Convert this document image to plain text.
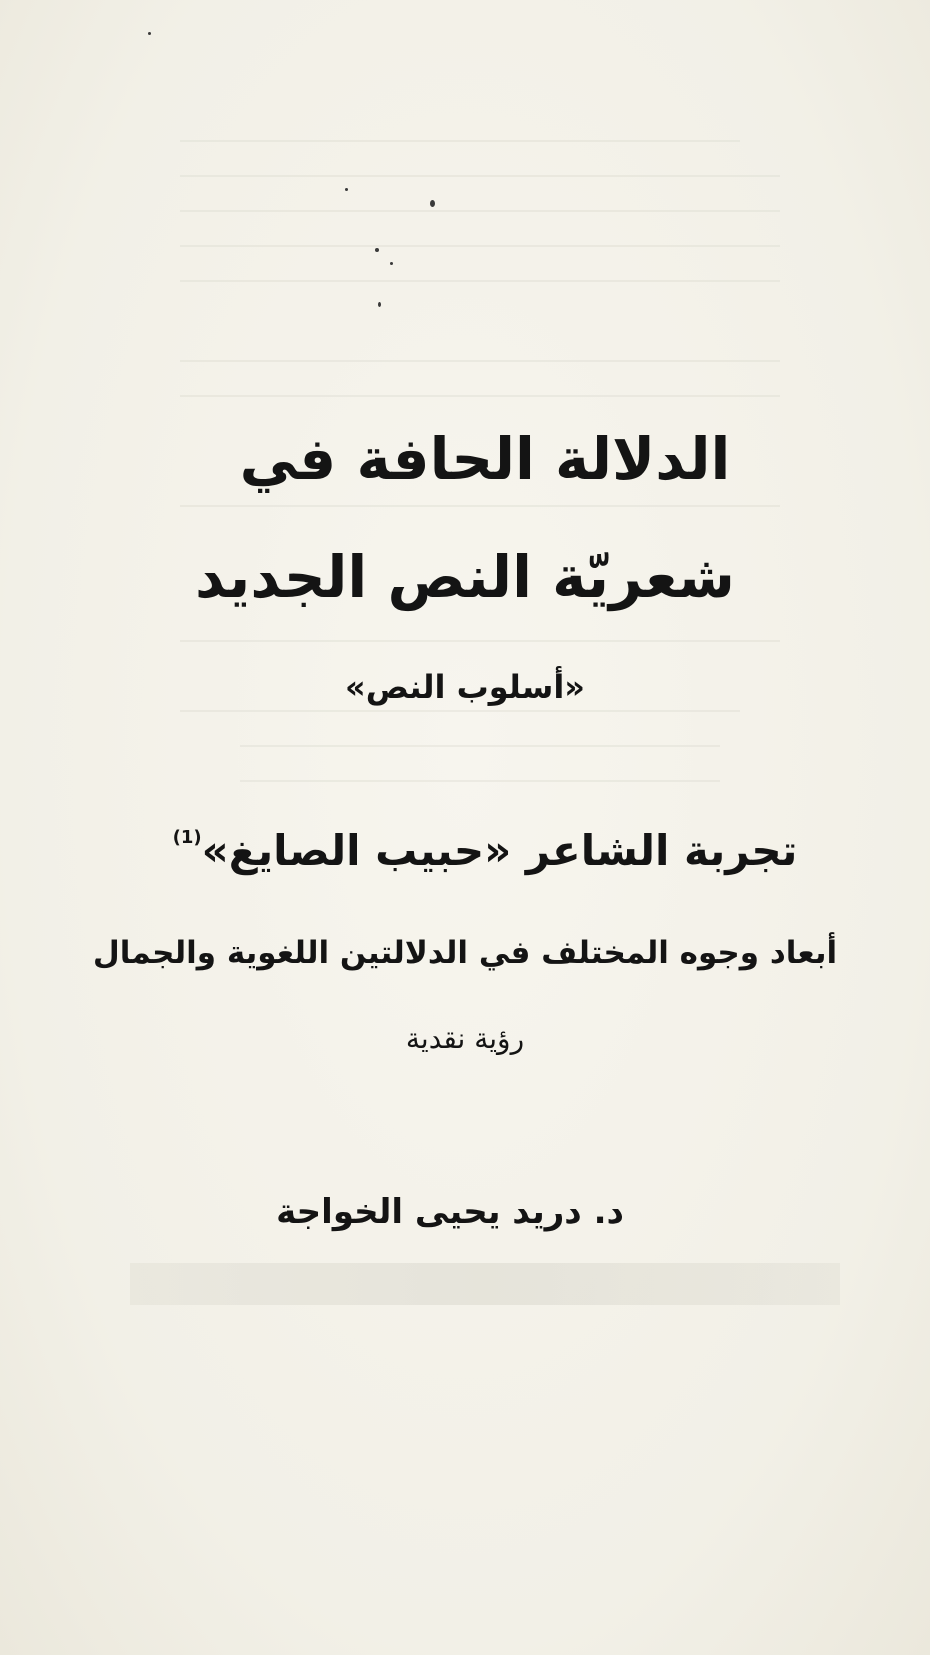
الدلالة الحافة في
شعريّة النص الجديد
«أسلوب النص»
تجربة الشاعر «حبيب الصايغ»$^{(1)}$
أبعاد وجوه المختلف في الدلالتين اللغوية والجمال
رؤية نقدية
د. دريد يحيى الخواجة
